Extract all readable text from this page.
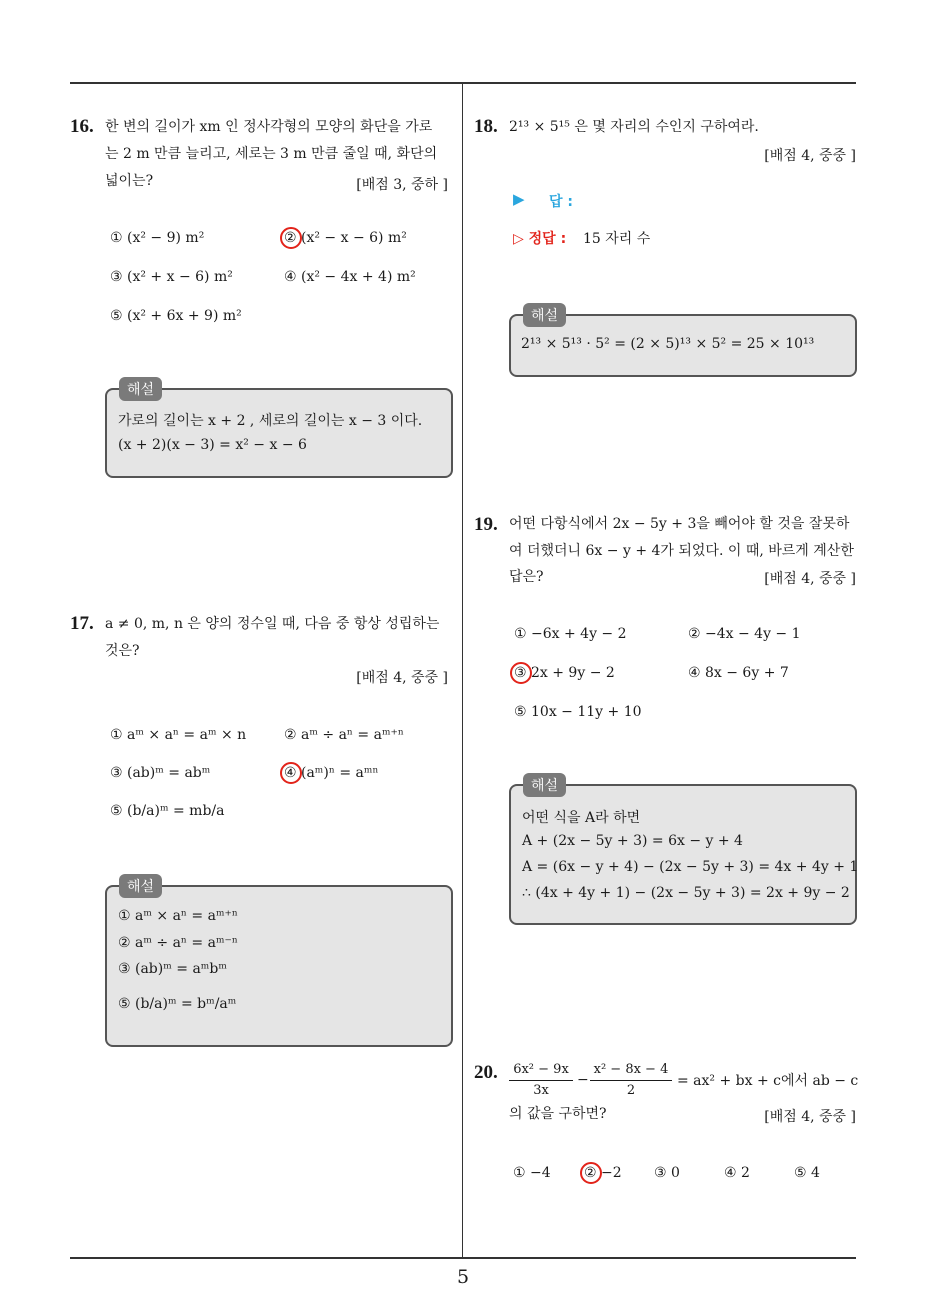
5
16. 한 변의 길이가 xm 인 정사각형의 모양의 화단을 가로
는 2 m 만큼 늘리고, 세로는 3 m 만큼 줄일 때, 화단의
넓이는?	[배점 3, 중하 ]
① (x² − 9) m²	② (x² − x − 6) m²
③ (x² + x − 6) m²	④ (x² − 4x + 4) m²
⑤ (x² + 6x + 9) m²
해설
가로의 길이는 x + 2 , 세로의 길이는 x − 3 이다.
(x + 2)(x − 3) = x² − x − 6
17. a ≠ 0, m, n 은 양의 정수일 때, 다음 중 항상 성립하는
것은?
[배점 4, 중중 ]
① aᵐ × aⁿ = aᵐ × n	② aᵐ ÷ aⁿ = aᵐ⁺ⁿ
③ (ab)ᵐ = abᵐ	④ (aᵐ)ⁿ = aᵐⁿ
⑤ (b/a)ᵐ = mb/a
해설
① aᵐ × aⁿ = aᵐ⁺ⁿ
② aᵐ ÷ aⁿ = aᵐ⁻ⁿ
③ (ab)ᵐ = aᵐbᵐ
⑤ (b/a)ᵐ = bᵐ/aᵐ
18. 2¹³ × 5¹⁵ 은 몇 자리의 수인지 구하여라.
[배점 4, 중중 ]
▶ 답 :
▷ 정답 : 15 자리 수
해설
2¹³ × 5¹³ · 5² = (2 × 5)¹³ × 5² = 25 × 10¹³
19. 어떤 다항식에서 2x − 5y + 3을 빼어야 할 것을 잘못하
여 더했더니 6x − y + 4가 되었다. 이 때, 바르게 계산한
답은?	[배점 4, 중중 ]
① −6x + 4y − 2	② −4x − 4y − 1
③ 2x + 9y − 2	④ 8x − 6y + 7
⑤ 10x − 11y + 10
해설
어떤 식을 A라 하면
A + (2x − 5y + 3) = 6x − y + 4
A = (6x − y + 4) − (2x − 5y + 3) = 4x + 4y + 1
∴ (4x + 4y + 1) − (2x − 5y + 3) = 2x + 9y − 2
20.	6x² − 9x
3x
−
x² − 8x − 4
2
= ax² + bx + c에서 ab − c
의 값을 구하면?	[배점 4, 중중 ]
① −4 ② −2 ③ 0	④ 2	⑤ 4
